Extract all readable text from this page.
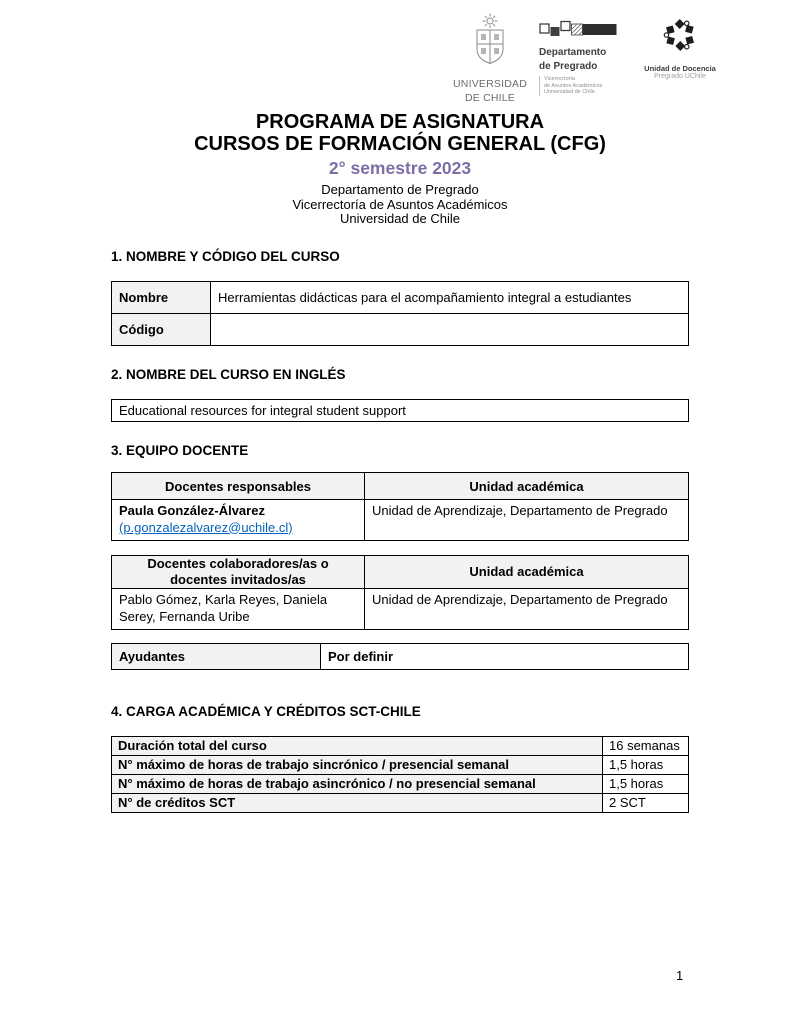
UNIVERSIDAD
DE CHILE
Departamento
de Pregrado
Vicerrectoría
de Asuntos Académicos
Universidad de Chile
Unidad de Docencia
Pregrado UChile
PROGRAMA DE ASIGNATURA
CURSOS DE FORMACIÓN GENERAL (CFG)
2° semestre 2023
Departamento de Pregrado
Vicerrectoría de Asuntos Académicos
Universidad de Chile
1. NOMBRE Y CÓDIGO DEL CURSO
Nombre	Herramientas didácticas para el acompañamiento integral a estudiantes
Código	
2. NOMBRE DEL CURSO EN INGLÉS
Educational resources for integral student support
3. EQUIPO DOCENTE
Docentes responsables	Unidad académica
Paula González-Álvarez
(p.gonzalezalvarez@uchile.cl)	Unidad de Aprendizaje, Departamento de Pregrado
Docentes colaboradores/as o docentes invitados/as	Unidad académica
Pablo Gómez, Karla Reyes, Daniela Serey, Fernanda Uribe	Unidad de Aprendizaje, Departamento de Pregrado
Ayudantes	Por definir
4. CARGA ACADÉMICA Y CRÉDITOS SCT-CHILE
Duración total del curso	16 semanas
N° máximo de horas de trabajo sincrónico / presencial semanal	1,5 horas
N° máximo de horas de trabajo asincrónico / no presencial semanal	1,5 horas
N° de créditos SCT	2 SCT
1
